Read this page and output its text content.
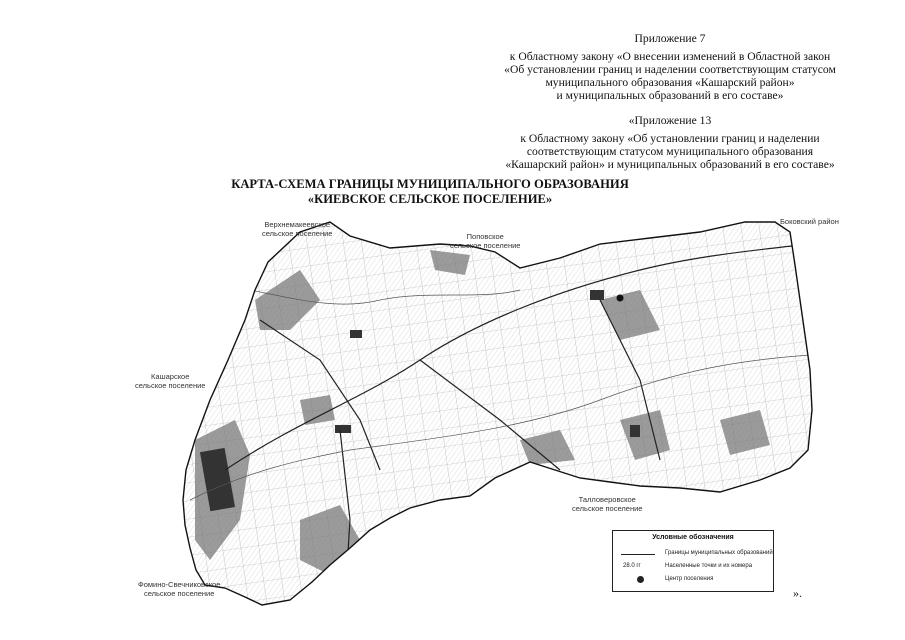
Приложение 7
к Областному закону «О внесении изменений в Областной закон
«Об установлении границ и наделении соответствующим статусом
муниципального образования «Кашарский район»
и муниципальных образований в его составе»
«Приложение 13
к Областному закону «Об установлении границ и наделении
соответствующим статусом муниципального образования
«Кашарский район» и муниципальных образований в его составе»
КАРТА-СХЕМА ГРАНИЦЫ МУНИЦИПАЛЬНОГО ОБРАЗОВАНИЯ
«КИЕВСКОЕ СЕЛЬСКОЕ ПОСЕЛЕНИЕ»
Верхнемакеевское
сельское поселение	Поповское
сельское поселение
Боковский район
Кашарское
сельское поселение
Талловеровское
сельское поселение
Фомино-Свечниковское
сельское поселение
Условные обозначения
Границы муниципальных образований
28.0 гг	Населенные точки и их номера
Центр поселения
».
